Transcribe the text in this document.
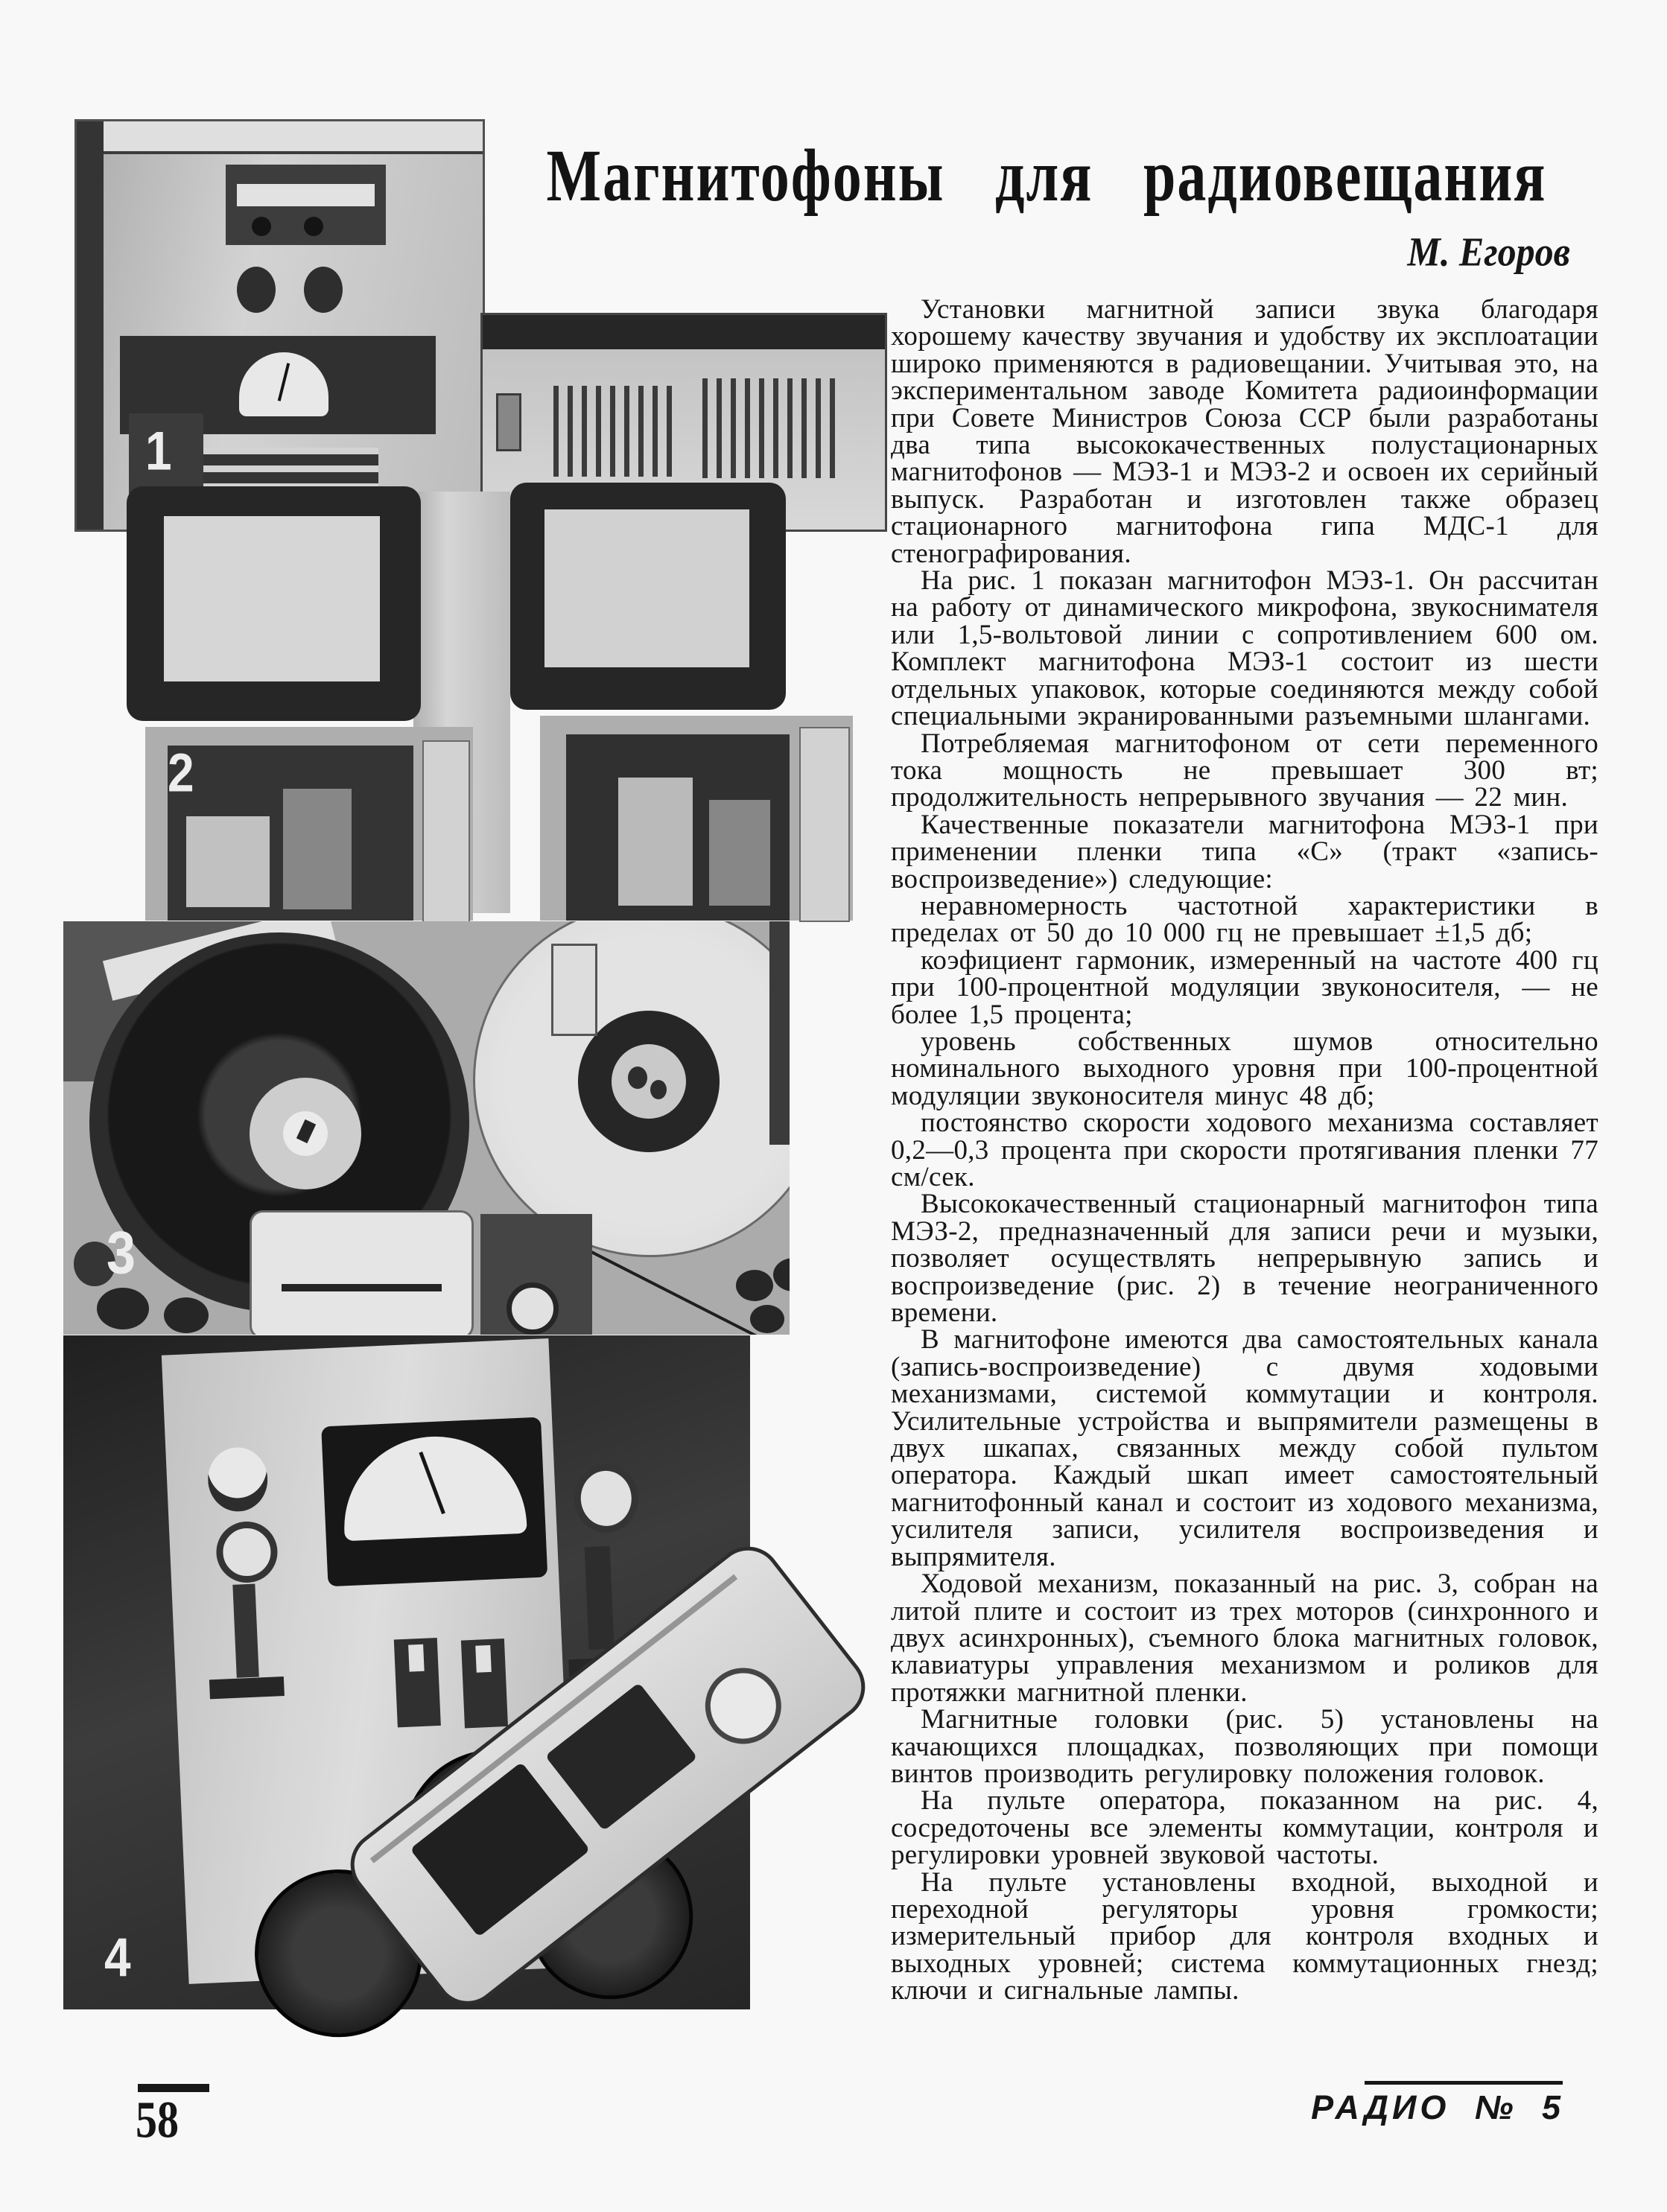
Магнитофоны для радиовещания
М. Егоров
1
2
3
4

Установки магнитной записи звука благодаря хорошему качеству звучания и удобству их эксплоатации широко применяются в радиовещании. Учитывая это, на экспериментальном заводе Комитета радиоинформации при Совете Министров Союза ССР были разработаны два типа высококачественных полустационарных магнитофонов — МЭЗ-1 и МЭЗ-2 и освоен их серийный выпуск. Разработан и изготовлен также образец стационарного магнитофона гипа МДС-1 для стенографирования.

На рис. 1 показан магнитофон МЭЗ-1. Он рассчитан на работу от динамического микрофона, звукоснимателя или 1,5-вольтовой линии с сопротивлением 600 ом. Комплект магнитофона МЭЗ-1 состоит из шести отдельных упаковок, которые соединяются между собой специальными экранированными разъемными шлангами.

Потребляемая магнитофоном от сети переменного тока мощность не превышает 300 вт; продолжительность непрерывного звучания — 22 мин.

Качественные показатели магнитофона МЭЗ-1 при применении пленки типа «С» (тракт «запись-воспроизведение») следующие:

неравномерность частотной характеристики в пределах от 50 до 10 000 гц не превышает ±1,5 дб;

коэфициент гармоник, измеренный на частоте 400 гц при 100-процентной модуляции звуконосителя, — не более 1,5 процента;

уровень собственных шумов относительно номинального выходного уровня при 100-процентной модуляции звуконосителя минус 48 дб;

постоянство скорости ходового механизма составляет 0,2—0,3 процента при скорости протягивания пленки 77 см/сек.

Высококачественный стационарный магнитофон типа МЭЗ-2, предназначенный для записи речи и музыки, позволяет осуществлять непрерывную запись и воспроизведение (рис. 2) в течение неограниченного времени.

В магнитофоне имеются два самостоятельных канала (запись-воспроизведение) с двумя ходовыми механизмами, системой коммутации и контроля. Усилительные устройства и выпрямители размещены в двух шкапах, связанных между собой пультом оператора. Каждый шкап имеет самостоятельный магнитофонный канал и состоит из ходового механизма, усилителя записи, усилителя воспроизведения и выпрямителя.

Ходовой механизм, показанный на рис. 3, собран на литой плите и состоит из трех моторов (синхронного и двух асинхронных), съемного блока магнитных головок, клавиатуры управления механизмом и роликов для протяжки магнитной пленки.

Магнитные головки (рис. 5) установлены на качающихся площадках, позволяющих при помощи винтов производить регулировку положения головок.

На пульте оператора, показанном на рис. 4, сосредоточены все элементы коммутации, контроля и регулировки уровней звуковой частоты.

На пульте установлены входной, выходной и переходной регуляторы уровня громкости; измерительный прибор для контроля входных и выходных уровней; система коммутационных гнезд; ключи и сигнальные лампы.

58	РАДИО № 5
